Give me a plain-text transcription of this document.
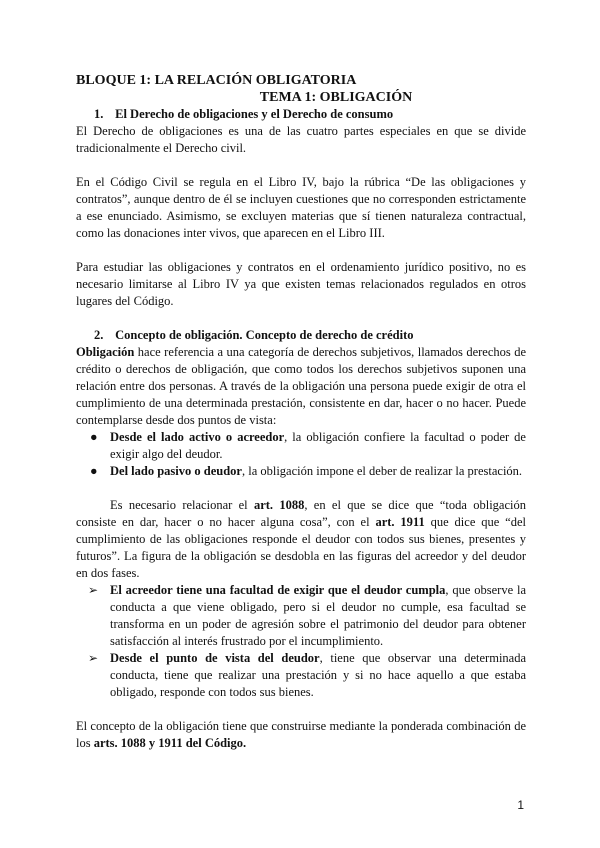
BLOQUE 1: LA RELACIÓN OBLIGATORIA
TEMA 1: OBLIGACIÓN
1. El Derecho de obligaciones y el Derecho de consumo

El Derecho de obligaciones es una de las cuatro partes especiales en que se divide tradicionalmente el Derecho civil.

En el Código Civil se regula en el Libro IV, bajo la rúbrica “De las obligaciones y contratos”, aunque dentro de él se incluyen cuestiones que no corresponden estrictamente a ese enunciado. Asimismo, se excluyen materias que sí tienen naturaleza contractual, como las donaciones inter vivos, que aparecen en el Libro III.

Para estudiar las obligaciones y contratos en el ordenamiento jurídico positivo, no es necesario limitarse al Libro IV ya que existen temas relacionados regulados en otros lugares del Código.

2. Concepto de obligación. Concepto de derecho de crédito

Obligación hace referencia a una categoría de derechos subjetivos, llamados derechos de crédito o derechos de obligación, que como todos los derechos subjetivos suponen una relación entre dos personas. A través de la obligación una persona puede exigir de otra el cumplimiento de una determinada prestación, consistente en dar, hacer o no hacer. Puede contemplarse desde dos puntos de vista:

● Desde el lado activo o acreedor, la obligación confiere la facultad o poder de exigir algo del deudor.
● Del lado pasivo o deudor, la obligación impone el deber de realizar la prestación.

Es necesario relacionar el art. 1088, en el que se dice que “toda obligación consiste en dar, hacer o no hacer alguna cosa”, con el art. 1911 que dice que “del cumplimiento de las obligaciones responde el deudor con todos sus bienes, presentes y futuros”. La figura de la obligación se desdobla en las figuras del acreedor y del deudor en dos fases.

➢ El acreedor tiene una facultad de exigir que el deudor cumpla, que observe la conducta a que viene obligado, pero si el deudor no cumple, esa facultad se transforma en un poder de agresión sobre el patrimonio del deudor para obtener satisfacción al interés frustrado por el incumplimiento.
➢ Desde el punto de vista del deudor, tiene que observar una determinada conducta, tiene que realizar una prestación y si no hace aquello a que estaba obligado, responde con todos sus bienes.

El concepto de la obligación tiene que construirse mediante la ponderada combinación de los arts. 1088 y 1911 del Código.

1
